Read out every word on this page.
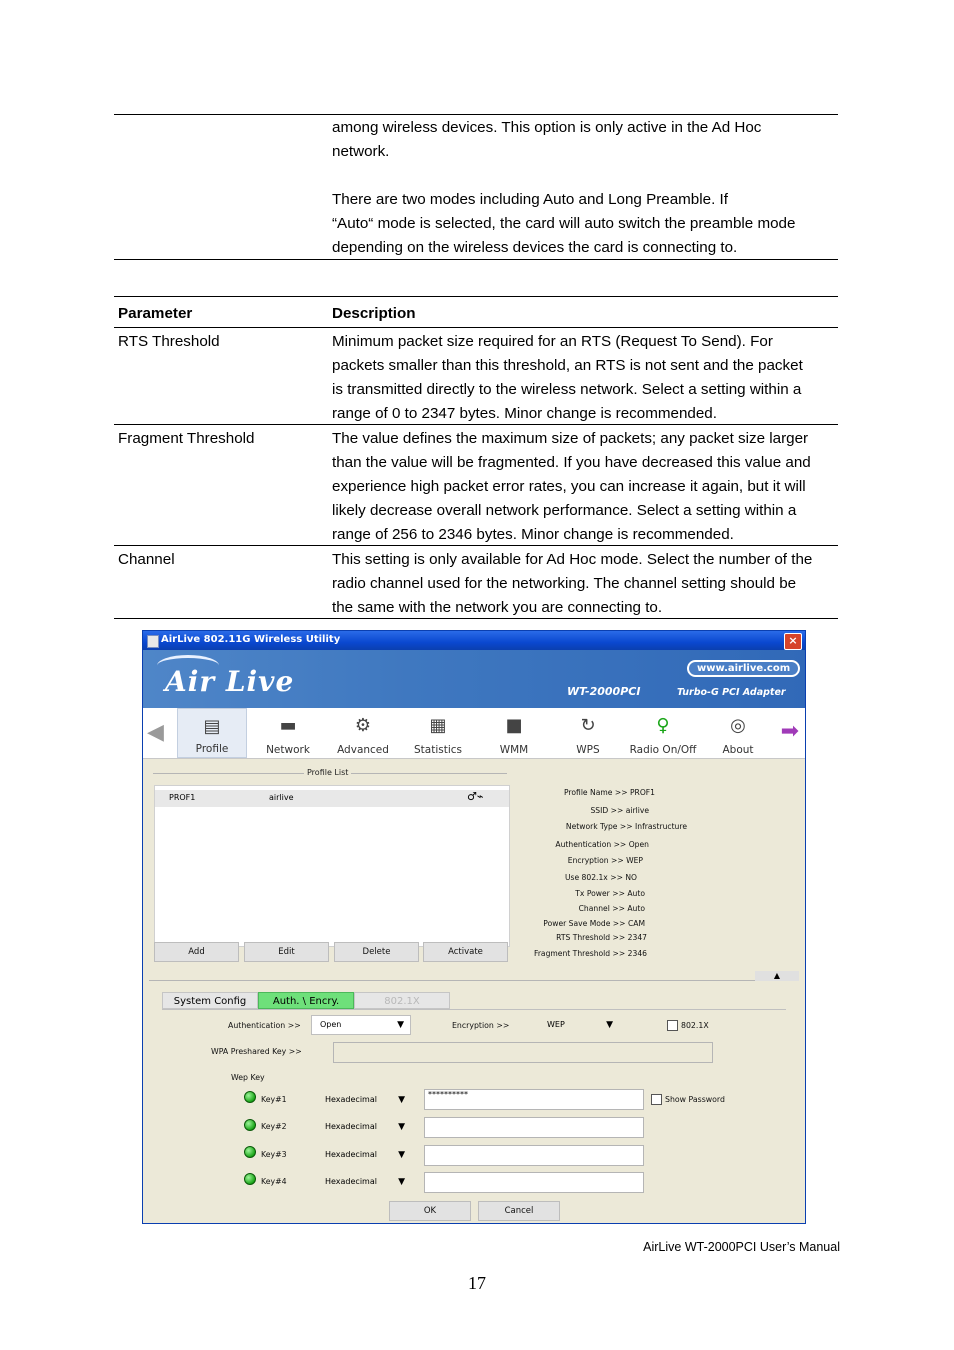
among wireless devices. This option is only active in the Ad Hoc
network.
There are two modes including Auto and Long Preamble. If
“Auto“ mode is selected, the card will auto switch the preamble mode
depending on the wireless devices the card is connecting to.
Parameter	Description
RTS Threshold	Minimum packet size required for an RTS (Request To Send). For
packets smaller than this threshold, an RTS is not sent and the packet
is transmitted directly to the wireless network. Select a setting within a
range of 0 to 2347 bytes. Minor change is recommended.
Fragment Threshold	The value defines the maximum size of packets; any packet size larger
than the value will be fragmented. If you have decreased this value and
experience high packet error rates, you can increase it again, but it will
likely decrease overall network performance. Select a setting within a
range of 256 to 2346 bytes. Minor change is recommended.
Channel	This setting is only available for Ad Hoc mode. Select the number of the
radio channel used for the networking. The channel setting should be
the same with the network you are connecting to.
AirLive 802.11G Wireless Utility	×
Air Live	www.airlive.com
WT-2000PCI	Turbo-G PCI Adapter
◀ ▤
Profile
▬
Network
⚙
Advanced
▦
Statistics
■
WMM
↻
WPS
♀
Radio On/Off
◎
About
➡
Profile List
PROF1	airlive	♂⌁
Add	Edit	Delete	Activate
Profile Name >> PROF1
SSID >> airlive
Network Type >> Infrastructure
Authentication >> Open
Encryption >> WEP
Use 802.1x >> NO
Tx Power >> Auto
Channel >> Auto
Power Save Mode >> CAM
RTS Threshold >> 2347
Fragment Threshold >> 2346
▲
System Config	Auth. \ Encry.	802.1X
Authentication >>	Open	▼	Encryption >>	WEP	▼	802.1X
WPA Preshared Key >>
Wep Key
Key#1	Hexadecimal ▼
**********
Show Password
Key#2	Hexadecimal ▼
Key#3	Hexadecimal ▼
Key#4	Hexadecimal ▼
OK	Cancel
AirLive WT-2000PCI User’s Manual
17
